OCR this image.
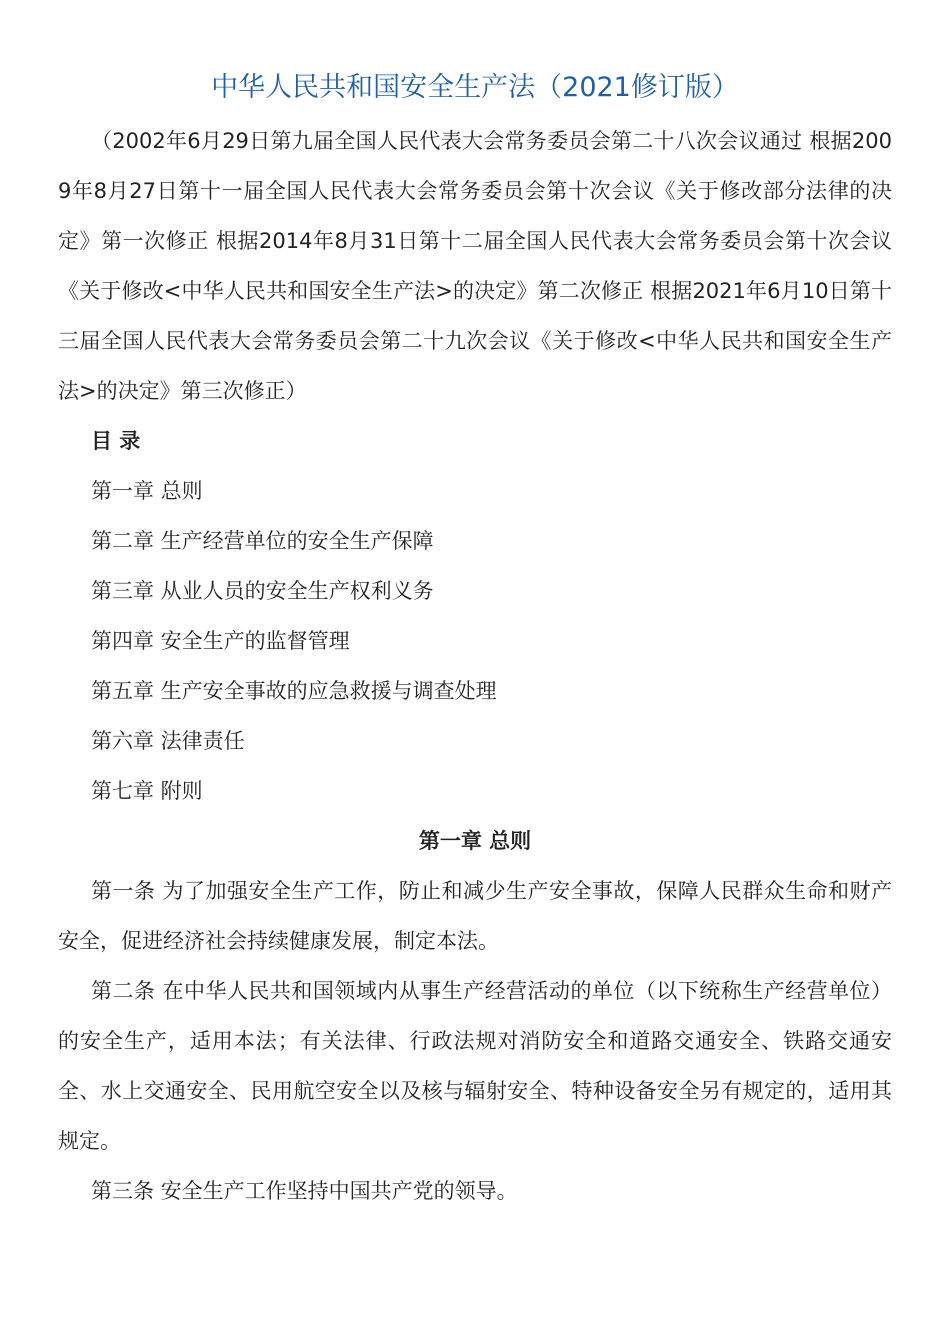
中华人民共和国安全生产法（2021修订版）

（2002年6月29日第九届全国人民代表大会常务委员会第二十八次会议通过 根据2009年8月27日第十一届全国人民代表大会常务委员会第十次会议《关于修改部分法律的决定》第一次修正 根据2014年8月31日第十二届全国人民代表大会常务委员会第十次会议《关于修改<中华人民共和国安全生产法>的决定》第二次修正 根据2021年6月10日第十三届全国人民代表大会常务委员会第二十九次会议《关于修改<中华人民共和国安全生产法>的决定》第三次修正）

目 录

第一章 总则

第二章 生产经营单位的安全生产保障

第三章 从业人员的安全生产权利义务

第四章 安全生产的监督管理

第五章 生产安全事故的应急救援与调查处理

第六章 法律责任

第七章 附则

第一章 总则

第一条 为了加强安全生产工作，防止和减少生产安全事故，保障人民群众生命和财产安全，促进经济社会持续健康发展，制定本法。

第二条 在中华人民共和国领域内从事生产经营活动的单位（以下统称生产经营单位）的安全生产，适用本法；有关法律、行政法规对消防安全和道路交通安全、铁路交通安全、水上交通安全、民用航空安全以及核与辐射安全、特种设备安全另有规定的，适用其规定。

第三条 安全生产工作坚持中国共产党的领导。
